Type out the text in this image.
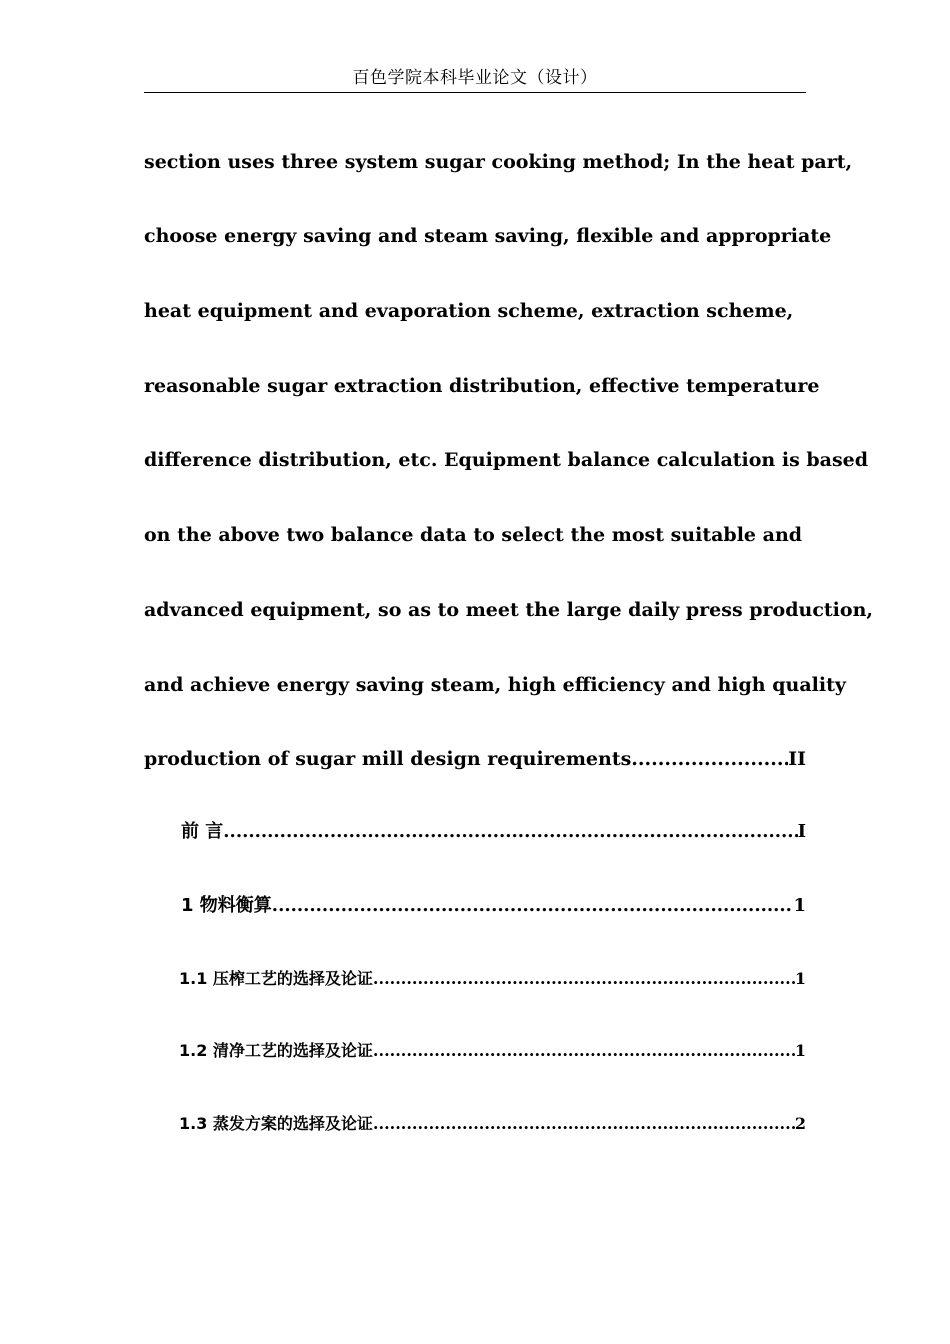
百色学院本科毕业论文（设计）
section uses three system sugar cooking method; In the heat part,
choose energy saving and steam saving, flexible and appropriate
heat equipment and evaporation scheme, extraction scheme,
reasonable sugar extraction distribution, effective temperature
difference distribution, etc. Equipment balance calculation is based
on the above two balance data to select the most suitable and
advanced equipment, so as to meet the large daily press production,
and achieve energy saving steam, high efficiency and high quality
production of sugar mill design requirements .....	II
前 言 .....	I
1 物料衡算 .....	1
1.1 压榨工艺的选择及论证 .....	1
1.2 清净工艺的选择及论证 .....	1
1.3 蒸发方案的选择及论证 .....	2
